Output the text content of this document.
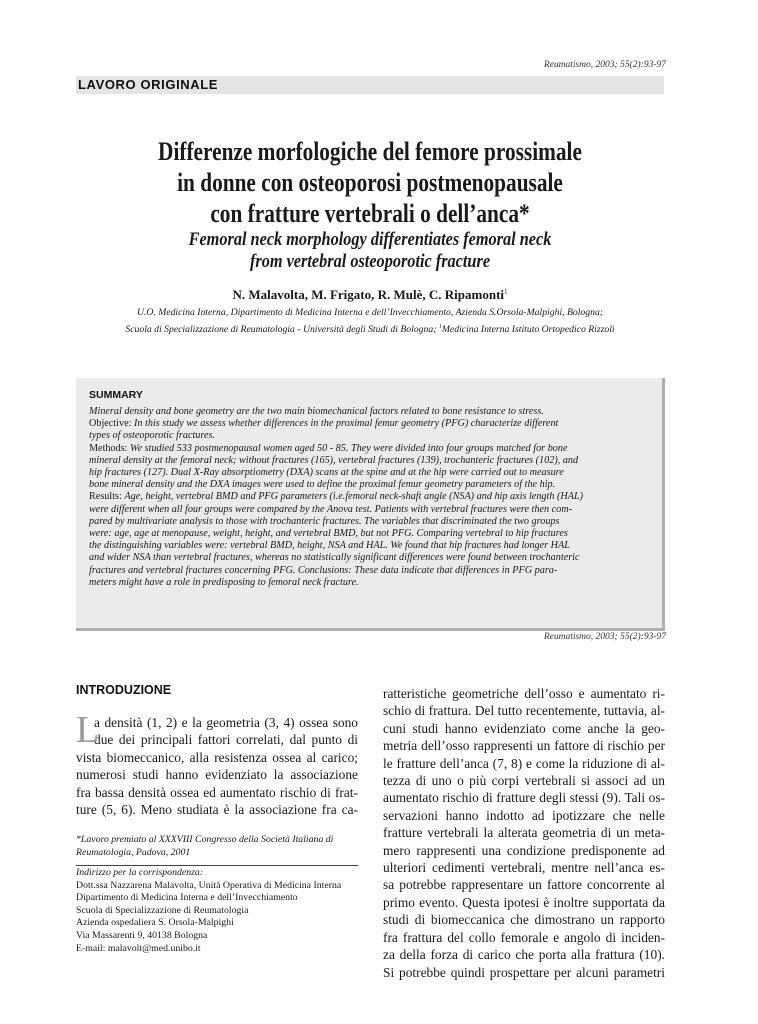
Reumatismo, 2003; 55(2):93-97
LAVORO ORIGINALE
Differenze morfologiche del femore prossimale
in donne con osteoporosi postmenopausale
con fratture vertebrali o dell’anca*
Femoral neck morphology differentiates femoral neck
from vertebral osteoporotic fracture
N. Malavolta, M. Frigato, R. Mulè, C. Ripamonti$^1$
U.O. Medicina Interna, Dipartimento di Medicina Interna e dell’Invecchiamento, Azienda S.Orsola-Malpighi, Bologna;
Scuola di Specializzazione di Reumatologia - Università degli Studi di Bologna; $^1$Medicina Interna Istituto Ortopedico Rizzoli
SUMMARY
Mineral density and bone geometry are the two main biomechanical factors related to bone resistance to stress.
Objective: In this study we assess whether differences in the proximal femur geometry (PFG) characterize different
types of osteoporotic fractures.
Methods: We studied 533 postmenopausal women aged 50 - 85. They were divided into four groups matched for bone
mineral density at the femoral neck; without fractures (165), vertebral fractures (139), trochanteric fractures (102), and
hip fractures (127). Dual X-Ray absorptiometry (DXA) scans at the spine and at the hip were carried out to measure
bone mineral density and the DXA images were used to define the proximal femur geometry parameters of the hip.
Results: Age, height, vertebral BMD and PFG parameters (i.e.femoral neck-shaft angle (NSA) and hip axis length (HAL)
were different when all four groups were compared by the Anova test. Patients with vertebral fractures were then com-
pared by multivariate analysis to those with trochanteric fractures. The variables that discriminated the two groups
were: age, age at menopause, weight, height, and vertebral BMD, but not PFG. Comparing vertebral to hip fractures
the distinguishing variables were: vertebral BMD, height, NSA and HAL. We found that hip fractures had longer HAL
and wider NSA than vertebral fractures, whereas no statistically significant differences were found between trochanteric
fractures and vertebral fractures concerning PFG. Conclusions: These data indicate that differences in PFG para-
meters might have a role in predisposing to femoral neck fracture.
Reumatismo, 2003; 55(2):93-97
INTRODUZIONE
L
a densità (1, 2) e la geometria (3, 4) ossea sono
due dei principali fattori correlati, dal punto di
vista biomeccanico, alla resistenza ossea al carico;
numerosi studi hanno evidenziato la associazione
fra bassa densità ossea ed aumentato rischio di frat-
ture (5, 6). Meno studiata è la associazione fra ca-
ratteristiche geometriche dell’osso e aumentato ri-
schio di frattura. Del tutto recentemente, tuttavia, al-
cuni studi hanno evidenziato come anche la geo-
metria dell’osso rappresenti un fattore di rischio per
le fratture dell’anca (7, 8) e come la riduzione di al-
tezza di uno o più corpi vertebrali si associ ad un
aumentato rischio di fratture degli stessi (9). Tali os-
servazioni hanno indotto ad ipotizzare che nelle
fratture vertebrali la alterata geometria di un meta-
mero rappresenti una condizione predisponente ad
ulteriori cedimenti vertebrali, mentre nell’anca es-
sa potrebbe rappresentare un fattore concorrente al
primo evento. Questa ipotesi è inoltre supportata da
studi di biomeccanica che dimostrano un rapporto
fra frattura del collo femorale e angolo di inciden-
za della forza di carico che porta alla frattura (10).
Si potrebbe quindi prospettare per alcuni parametri
*Lavoro premiato al XXXVIII Congresso della Società Italiana di
Reumatologia, Padova, 2001
Indirizzo per la corrispondenza:
Dott.ssa Nazzarena Malavolta, Unità Operativa di Medicina Interna
Dipartimento di Medicina Interna e dell’Invecchiamento
Scuola di Specializzazione di Reumatologia
Azienda ospedaliera S. Orsola-Malpighi
Via Massarenti 9, 40138 Bologna
E-mail: malavolt@med.unibo.it
